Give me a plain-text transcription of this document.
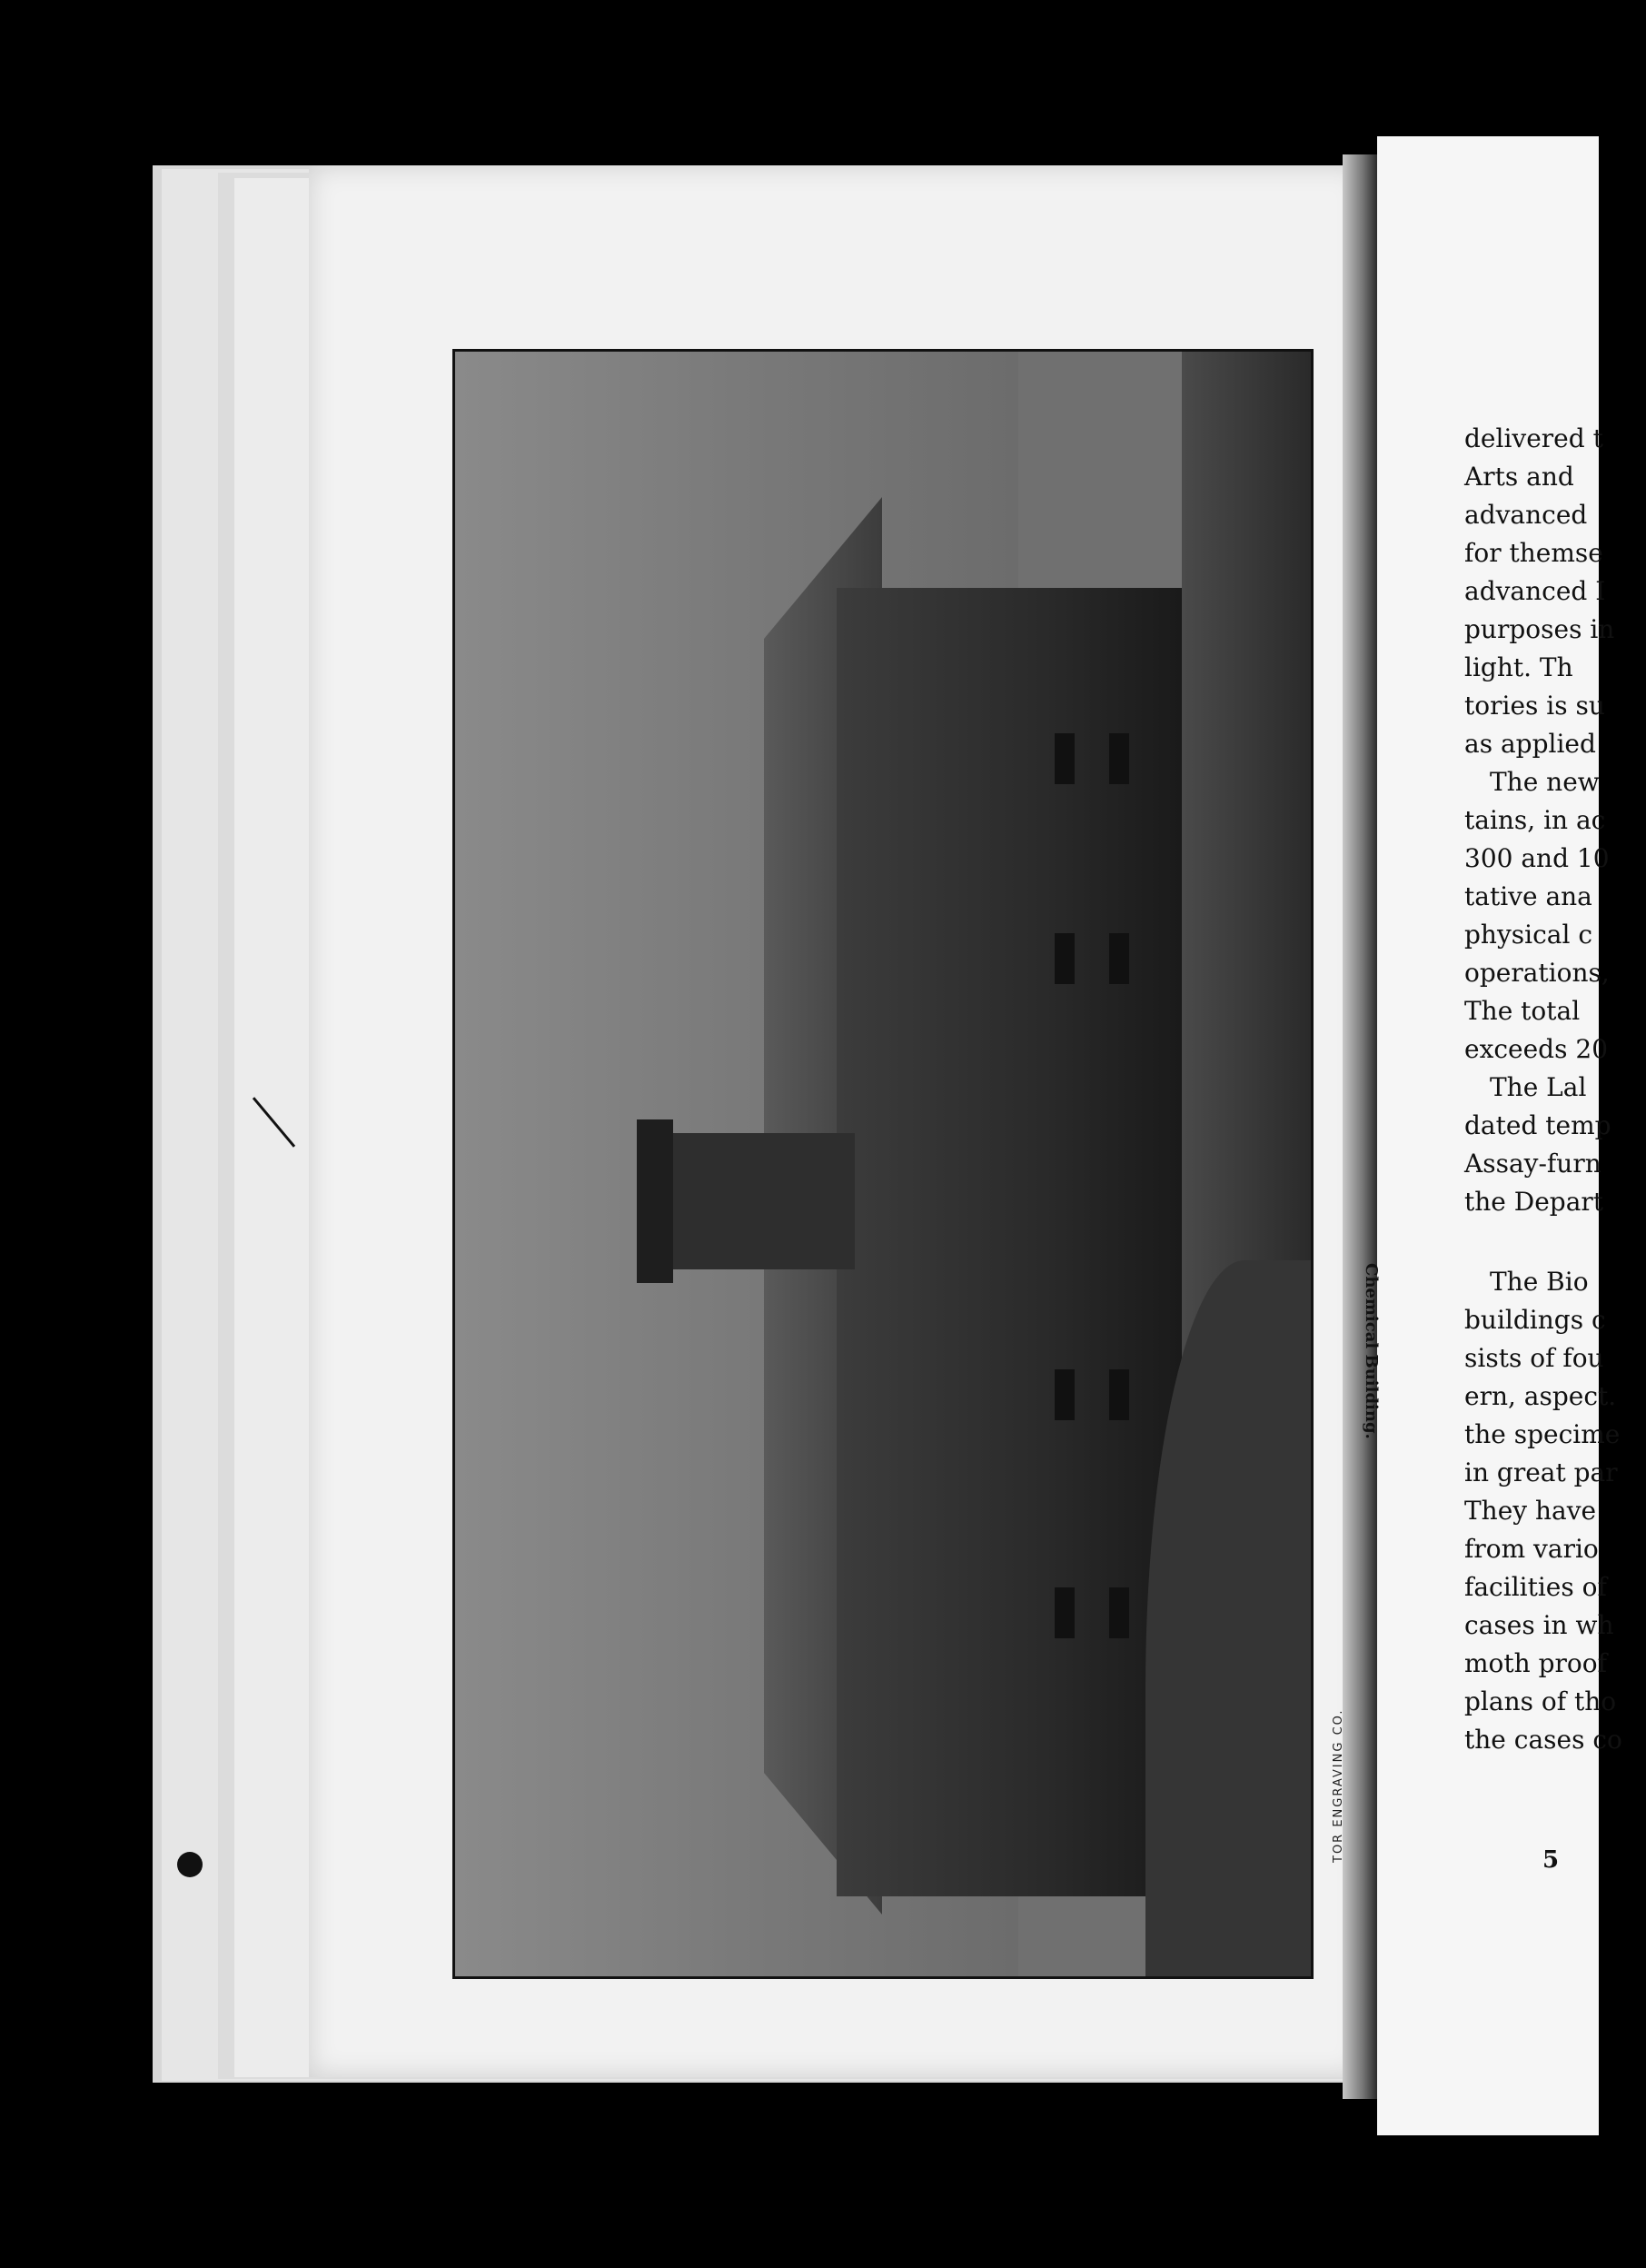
TOR ENGRAVING CO.
Chemical Building.
delivered t
Arts and
advanced
for themse
advanced I
purposes in
light. Th
tories is su
as applied
The new
tains, in ac
300 and 10
tative ana
physical c
operations,
The total
exceeds 20
The Lal
dated temp
Assay-furn
the Depart
The Bio
buildings c
sists of fou
ern, aspect.
the specime
in great par
They have
from vario
facilities of
cases in wh
moth proof
plans of tho
the cases co
5
